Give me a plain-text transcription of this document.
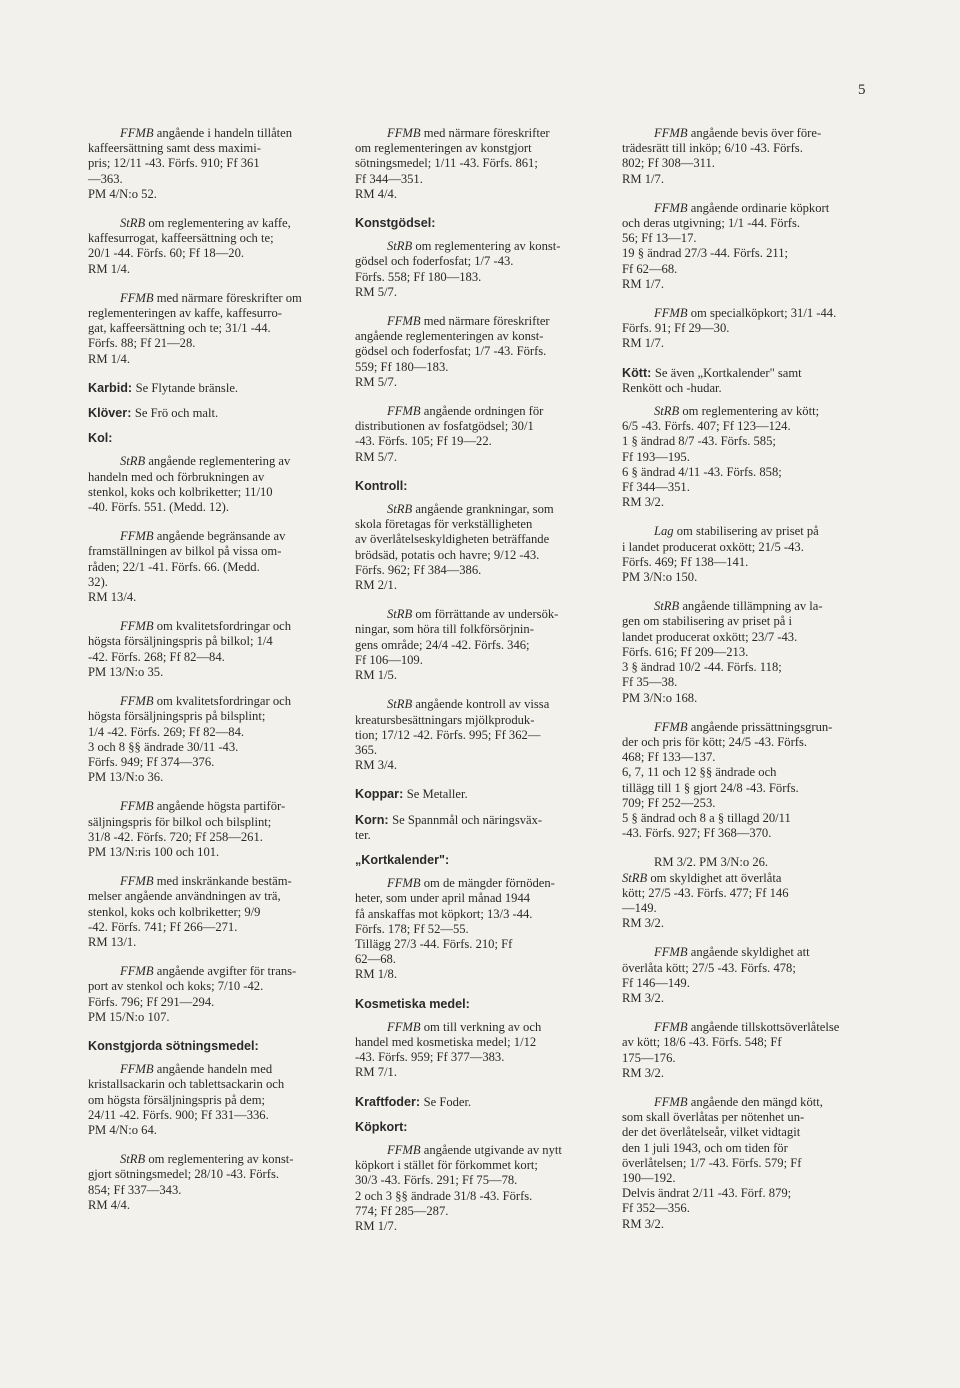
5
FFMB angående i handeln tillåten
kaffeersättning samt dess maximi-
pris; 12/11 -43. Förfs. 910; Ff 361
—363.
PM 4/N:o 52.
StRB om reglementering av kaffe,
kaffesurrogat, kaffeersättning och te;
20/1 -44. Förfs. 60; Ff 18—20.
RM 1/4.
FFMB med närmare föreskrifter om
reglementeringen av kaffe, kaffesurro-
gat, kaffeersättning och te; 31/1 -44.
Förfs. 88; Ff 21—28.
RM 1/4.
Karbid: Se Flytande bränsle.
Klöver: Se Frö och malt.
Kol:
StRB angående reglementering av
handeln med och förbrukningen av
stenkol, koks och kolbriketter; 11/10
-40. Förfs. 551. (Medd. 12).
FFMB angående begränsande av
framställningen av bilkol på vissa om-
råden; 22/1 -41. Förfs. 66. (Medd.
32).
RM 13/4.
FFMB om kvalitetsfordringar och
högsta försäljningspris på bilkol; 1/4
-42. Förfs. 268; Ff 82—84.
PM 13/N:o 35.
FFMB om kvalitetsfordringar och
högsta försäljningspris på bilsplint;
1/4 -42. Förfs. 269; Ff 82—84.
3 och 8 §§ ändrade 30/11 -43.
Förfs. 949; Ff 374—376.
PM 13/N:o 36.
FFMB angående högsta partiför-
säljningspris för bilkol och bilsplint;
31/8 -42. Förfs. 720; Ff 258—261.
PM 13/N:ris 100 och 101.
FFMB med inskränkande bestäm-
melser angående användningen av trä,
stenkol, koks och kolbriketter; 9/9
-42. Förfs. 741; Ff 266—271.
RM 13/1.
FFMB angående avgifter för trans-
port av stenkol och koks; 7/10 -42.
Förfs. 796; Ff 291—294.
PM 15/N:o 107.
Konstgjorda sötningsmedel:
FFMB angående handeln med
kristallsackarin och tablettsackarin och
om högsta försäljningspris på dem;
24/11 -42. Förfs. 900; Ff 331—336.
PM 4/N:o 64.
StRB om reglementering av konst-
gjort sötningsmedel; 28/10 -43. Förfs.
854; Ff 337—343.
RM 4/4.
FFMB med närmare föreskrifter
om reglementeringen av konstgjort
sötningsmedel; 1/11 -43. Förfs. 861;
Ff 344—351.
RM 4/4.
Konstgödsel:
StRB om reglementering av konst-
gödsel och foderfosfat; 1/7 -43.
Förfs. 558; Ff 180—183.
RM 5/7.
FFMB med närmare föreskrifter
angående reglementeringen av konst-
gödsel och foderfosfat; 1/7 -43. Förfs.
559; Ff 180—183.
RM 5/7.
FFMB angående ordningen för
distributionen av fosfatgödsel; 30/1
-43. Förfs. 105; Ff 19—22.
RM 5/7.
Kontroll:
StRB angående grankningar, som
skola företagas för verkställigheten
av överlåtelseskyldigheten beträffande
brödsäd, potatis och havre; 9/12 -43.
Förfs. 962; Ff 384—386.
RM 2/1.
StRB om förrättande av undersök-
ningar, som höra till folkförsörjnin-
gens område; 24/4 -42. Förfs. 346;
Ff 106—109.
RM 1/5.
StRB angående kontroll av vissa
kreatursbesättningars mjölkproduk-
tion; 17/12 -42. Förfs. 995; Ff 362—
365.
RM 3/4.
Koppar: Se Metaller.
Korn: Se Spannmål och näringsväx-
ter.
„Kortkalender":
FFMB om de mängder förnöden-
heter, som under april månad 1944
få anskaffas mot köpkort; 13/3 -44.
Förfs. 178; Ff 52—55.
Tillägg 27/3 -44. Förfs. 210; Ff
62—68.
RM 1/8.
Kosmetiska medel:
FFMB om till verkning av och
handel med kosmetiska medel; 1/12
-43. Förfs. 959; Ff 377—383.
RM 7/1.
Kraftfoder: Se Foder.
Köpkort:
FFMB angående utgivande av nytt
köpkort i stället för förkommet kort;
30/3 -43. Förfs. 291; Ff 75—78.
2 och 3 §§ ändrade 31/8 -43. Förfs.
774; Ff 285—287.
RM 1/7.
FFMB angående bevis över före-
trädesrätt till inköp; 6/10 -43. Förfs.
802; Ff 308—311.
RM 1/7.
FFMB angående ordinarie köpkort
och deras utgivning; 1/1 -44. Förfs.
56; Ff 13—17.
19 § ändrad 27/3 -44. Förfs. 211;
Ff 62—68.
RM 1/7.
FFMB om specialköpkort; 31/1 -44.
Förfs. 91; Ff 29—30.
RM 1/7.
Kött: Se även „Kortkalender" samt
Renkött och -hudar.
StRB om reglementering av kött;
6/5 -43. Förfs. 407; Ff 123—124.
1 § ändrad 8/7 -43. Förfs. 585;
Ff 193—195.
6 § ändrad 4/11 -43. Förfs. 858;
Ff 344—351.
RM 3/2.
Lag om stabilisering av priset på
i landet producerat oxkött; 21/5 -43.
Förfs. 469; Ff 138—141.
PM 3/N:o 150.
StRB angående tillämpning av la-
gen om stabilisering av priset på i
landet producerat oxkött; 23/7 -43.
Förfs. 616; Ff 209—213.
3 § ändrad 10/2 -44. Förfs. 118;
Ff 35—38.
PM 3/N:o 168.
FFMB angående prissättningsgrun-
der och pris för kött; 24/5 -43. Förfs.
468; Ff 133—137.
6, 7, 11 och 12 §§ ändrade och
tillägg till 1 § gjort 24/8 -43. Förfs.
709; Ff 252—253.
5 § ändrad och 8 a § tillagd 20/11
-43. Förfs. 927; Ff 368—370.
RM 3/2. PM 3/N:o 26.
StRB om skyldighet att överlåta
kött; 27/5 -43. Förfs. 477; Ff 146
—149.
RM 3/2.
FFMB angående skyldighet att
överlåta kött; 27/5 -43. Förfs. 478;
Ff 146—149.
RM 3/2.
FFMB angående tillskottsöverlåtelse
av kött; 18/6 -43. Förfs. 548; Ff
175—176.
RM 3/2.
FFMB angående den mängd kött,
som skall överlåtas per nötenhet un-
der det överlåtelseår, vilket vidtagit
den 1 juli 1943, och om tiden för
överlåtelsen; 1/7 -43. Förfs. 579; Ff
190—192.
Delvis ändrat 2/11 -43. Förf. 879;
Ff 352—356.
RM 3/2.
